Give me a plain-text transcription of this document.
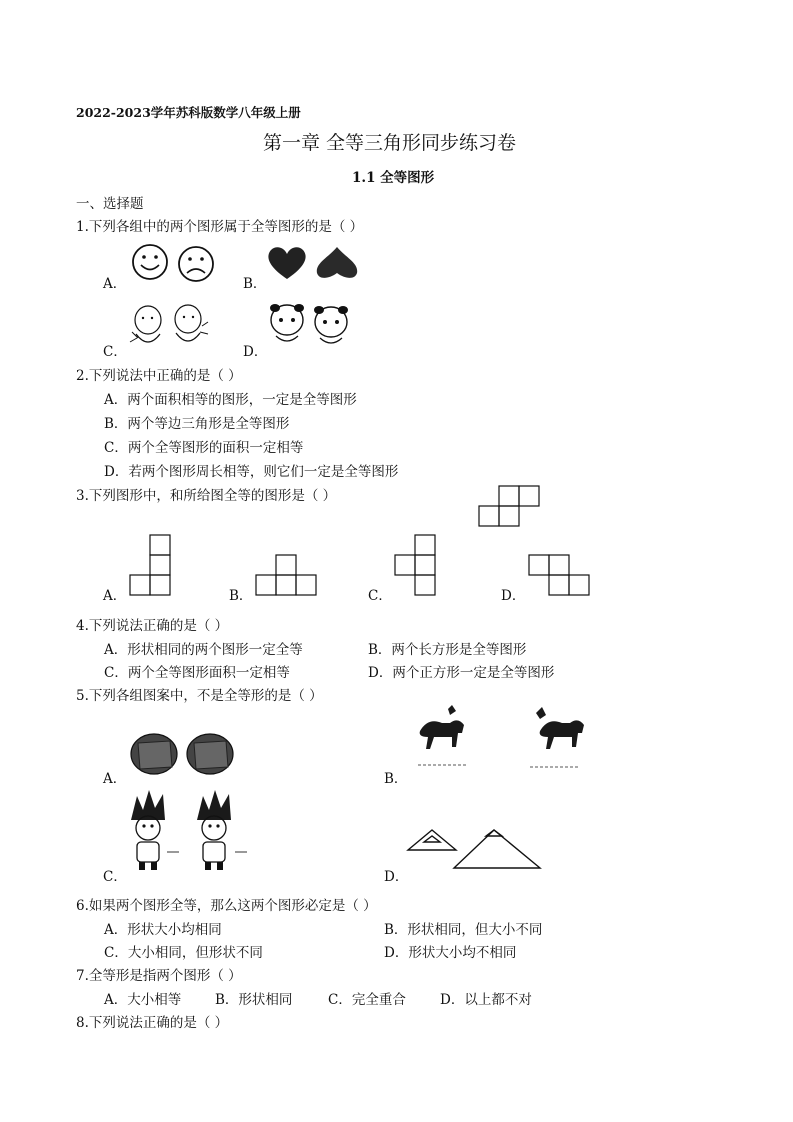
2022-2023学年苏科版数学八年级上册
第一章 全等三角形同步练习卷
1.1 全等图形
一、选择题
1.下列各组中的两个图形属于全等图形的是（ ）
A．	B．
C．	D．
2.下列说法中正确的是（ ）
A．两个面积相等的图形，一定是全等图形
B．两个等边三角形是全等图形
C．两个全等图形的面积一定相等
D．若两个图形周长相等，则它们一定是全等图形
3.下列图形中，和所给图全等的图形是（ ）
A．	B．	C．	D．
4.下列说法正确的是（ ）
A．形状相同的两个图形一定全等	B．两个长方形是全等图形
C．两个全等图形面积一定相等	D．两个正方形一定是全等图形
5.下列各组图案中，不是全等形的是（ ）
A．	B．
C．	D．
6.如果两个图形全等，那么这两个图形必定是（ ）
A．形状大小均相同	B．形状相同，但大小不同
C．大小相同，但形状不同	D．形状大小均不相同
7.全等形是指两个图形（ ）
A．大小相等	B．形状相同	C．完全重合	D．以上都不对
8.下列说法正确的是（ ）
